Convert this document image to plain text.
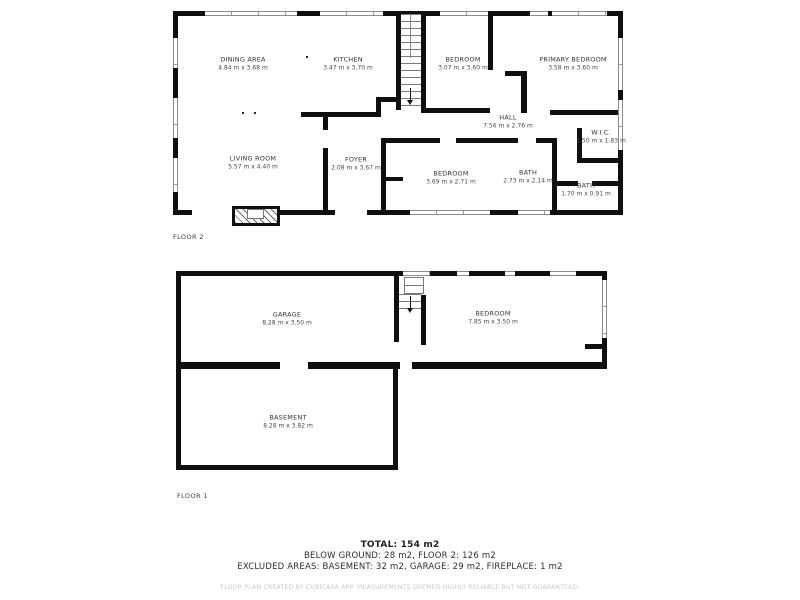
DINING AREA
4.84 m x 3.68 m
KITCHEN
3.47 m x 3.70 m
BEDROOM
3.07 m x 3.60 m
PRIMARY BEDROOM
3.58 m x 3.60 m
HALL
7.56 m x 2.76 m
W.I.C.
1.50 m x 1.83 m
LIVING ROOM
5.57 m x 4.40 m
FOYER
2.08 m x 3.67 m
BEDROOM
3.69 m x 2.71 m
BATH
2.73 m x 2.14 m
BATH
1.70 m x 0.91 m
FLOOR 2
GARAGE
8.28 m x 3.50 m
BEDROOM
7.85 m x 3.50 m
BASEMENT
8.28 m x 3.82 m
FLOOR 1
TOTAL: 154 m2
BELOW GROUND: 28 m2, FLOOR 2: 126 m2
EXCLUDED AREAS: BASEMENT: 32 m2, GARAGE: 29 m2, FIREPLACE: 1 m2
FLOOR PLAN CREATED BY CUBICASA APP. MEASUREMENTS DEEMED HIGHLY RELIABLE BUT NOT GUARANTEED.
